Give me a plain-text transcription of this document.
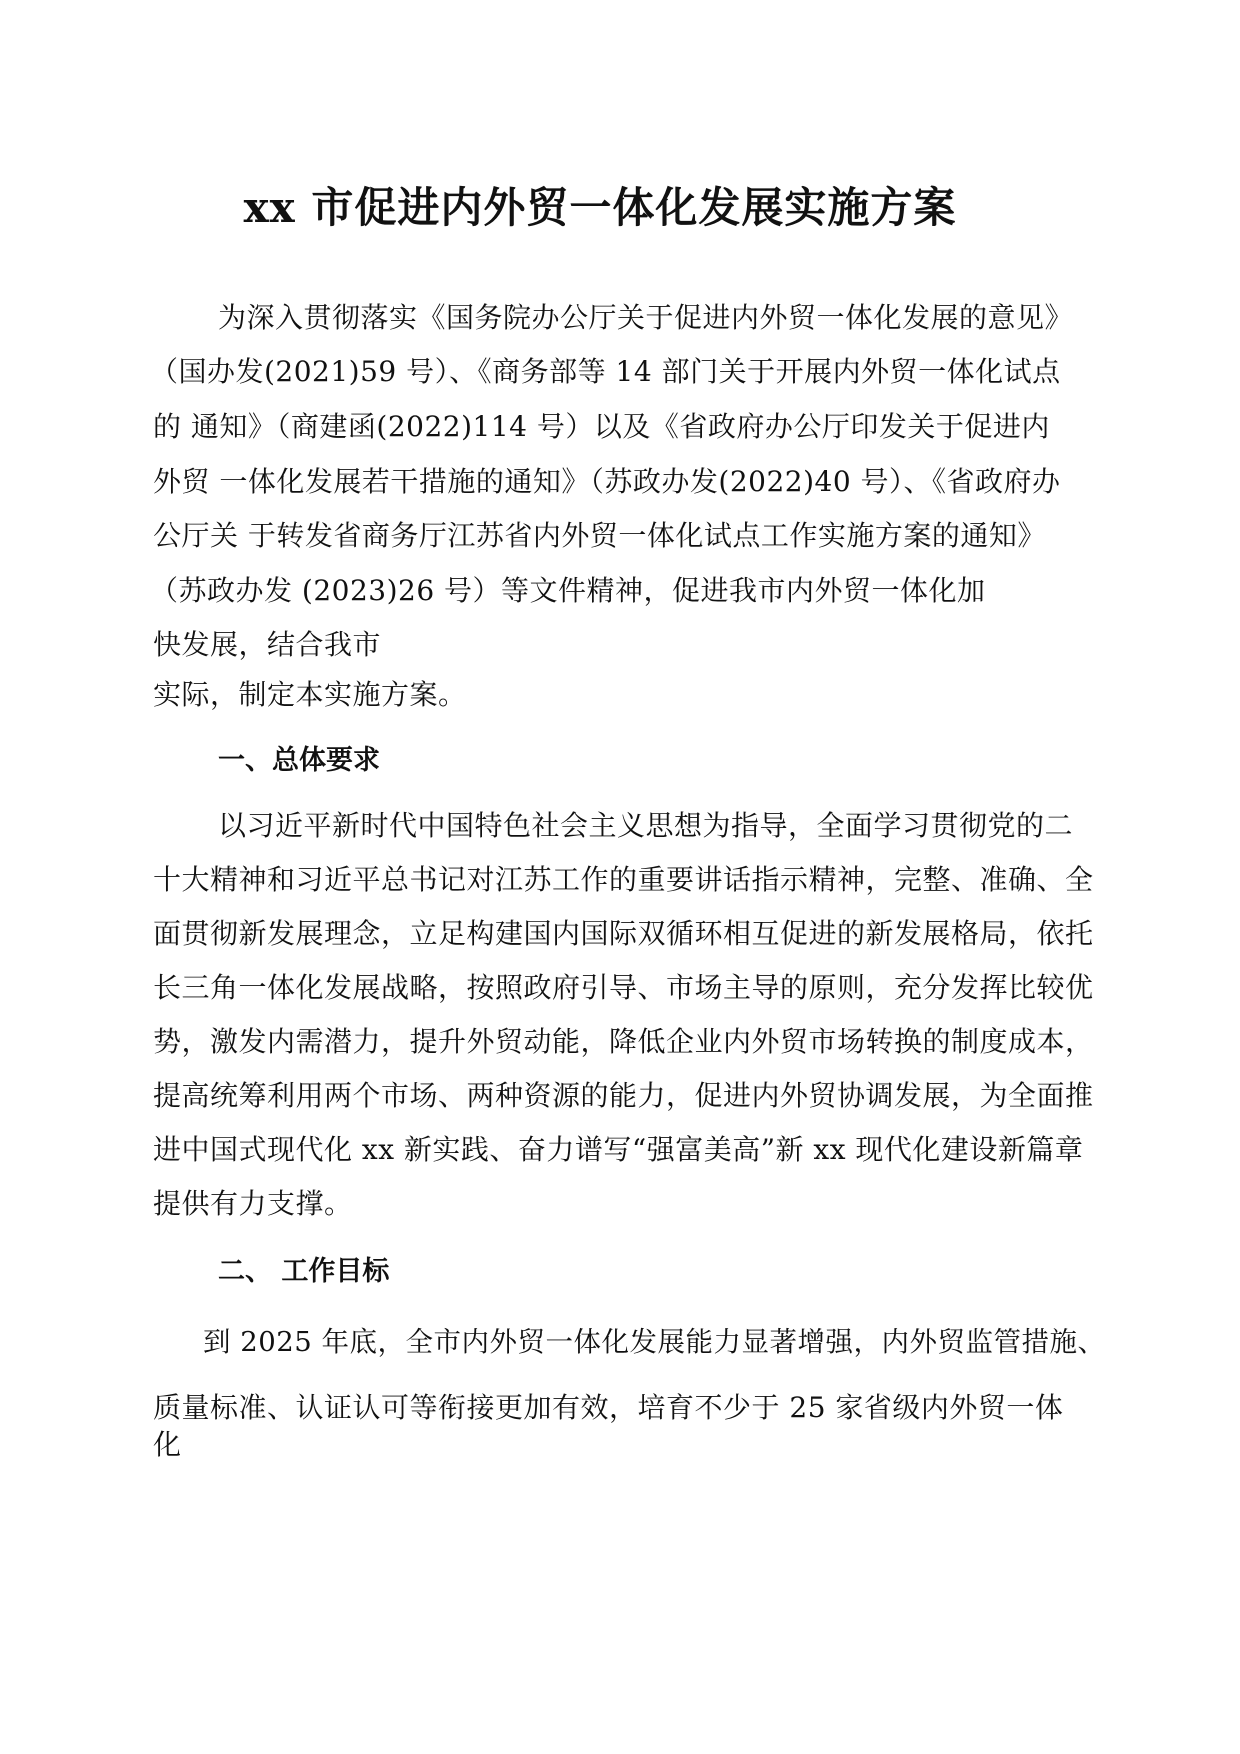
xx 市促进内外贸一体化发展实施方案
为深入贯彻落实《国务院办公厅关于促进内外贸一体化发展的意见》
（国办发(2021)59 号）、《商务部等 14 部门关于开展内外贸一体化试点
的 通知》（商建函(2022)114 号）以及《省政府办公厅印发关于促进内
外贸 一体化发展若干措施的通知》（苏政办发(2022)40 号）、《省政府办
公厅关 于转发省商务厅江苏省内外贸一体化试点工作实施方案的通知》
（苏政办发 (2023)26 号）等文件精神，促进我市内外贸一体化加
快发展，结合我市
实际，制定本实施方案。
一、总体要求
以习近平新时代中国特色社会主义思想为指导，全面学习贯彻党的二
十大精神和习近平总书记对江苏工作的重要讲话指示精神，完整、准确、全
面贯彻新发展理念，立足构建国内国际双循环相互促进的新发展格局，依托
长三角一体化发展战略，按照政府引导、市场主导的原则，充分发挥比较优
势，激发内需潜力，提升外贸动能，降低企业内外贸市场转换的制度成本，
提高统筹利用两个市场、两种资源的能力，促进内外贸协调发展，为全面推
进中国式现代化 xx 新实践、奋力谱写“强富美高”新 xx 现代化建设新篇章
提供有力支撑。
二、 工作目标
到 2025 年底，全市内外贸一体化发展能力显著增强，内外贸监管措施、
质量标准、认证认可等衔接更加有效，培育不少于 25 家省级内外贸一体
化
